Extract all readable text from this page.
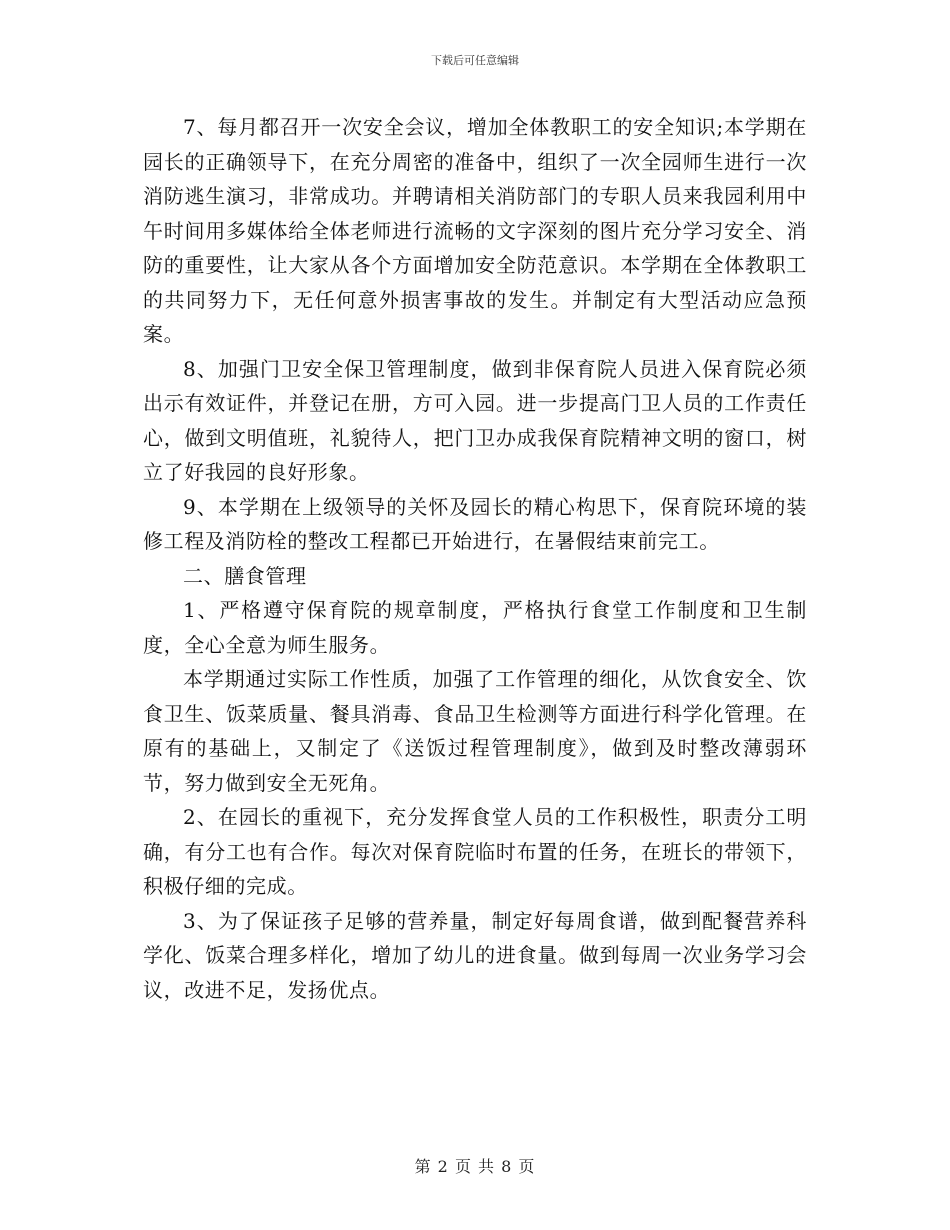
下载后可任意编辑

7、每月都召开一次安全会议，增加全体教职工的安全知识;本学期在园长的正确领导下，在充分周密的准备中，组织了一次全园师生进行一次消防逃生演习，非常成功。并聘请相关消防部门的专职人员来我园利用中午时间用多媒体给全体老师进行流畅的文字深刻的图片充分学习安全、消防的重要性，让大家从各个方面增加安全防范意识。本学期在全体教职工的共同努力下，无任何意外损害事故的发生。并制定有大型活动应急预案。

8、加强门卫安全保卫管理制度，做到非保育院人员进入保育院必须出示有效证件，并登记在册，方可入园。进一步提高门卫人员的工作责任心，做到文明值班，礼貌待人，把门卫办成我保育院精神文明的窗口，树立了好我园的良好形象。

9、本学期在上级领导的关怀及园长的精心构思下，保育院环境的装修工程及消防栓的整改工程都已开始进行，在暑假结束前完工。

二、膳食管理

1、严格遵守保育院的规章制度，严格执行食堂工作制度和卫生制度，全心全意为师生服务。

本学期通过实际工作性质，加强了工作管理的细化，从饮食安全、饮食卫生、饭菜质量、餐具消毒、食品卫生检测等方面进行科学化管理。在原有的基础上，又制定了《送饭过程管理制度》，做到及时整改薄弱环节，努力做到安全无死角。

2、在园长的重视下，充分发挥食堂人员的工作积极性，职责分工明确，有分工也有合作。每次对保育院临时布置的任务，在班长的带领下，积极仔细的完成。

3、为了保证孩子足够的营养量，制定好每周食谱，做到配餐营养科学化、饭菜合理多样化，增加了幼儿的进食量。做到每周一次业务学习会议，改进不足，发扬优点。

第 2 页 共 8 页
